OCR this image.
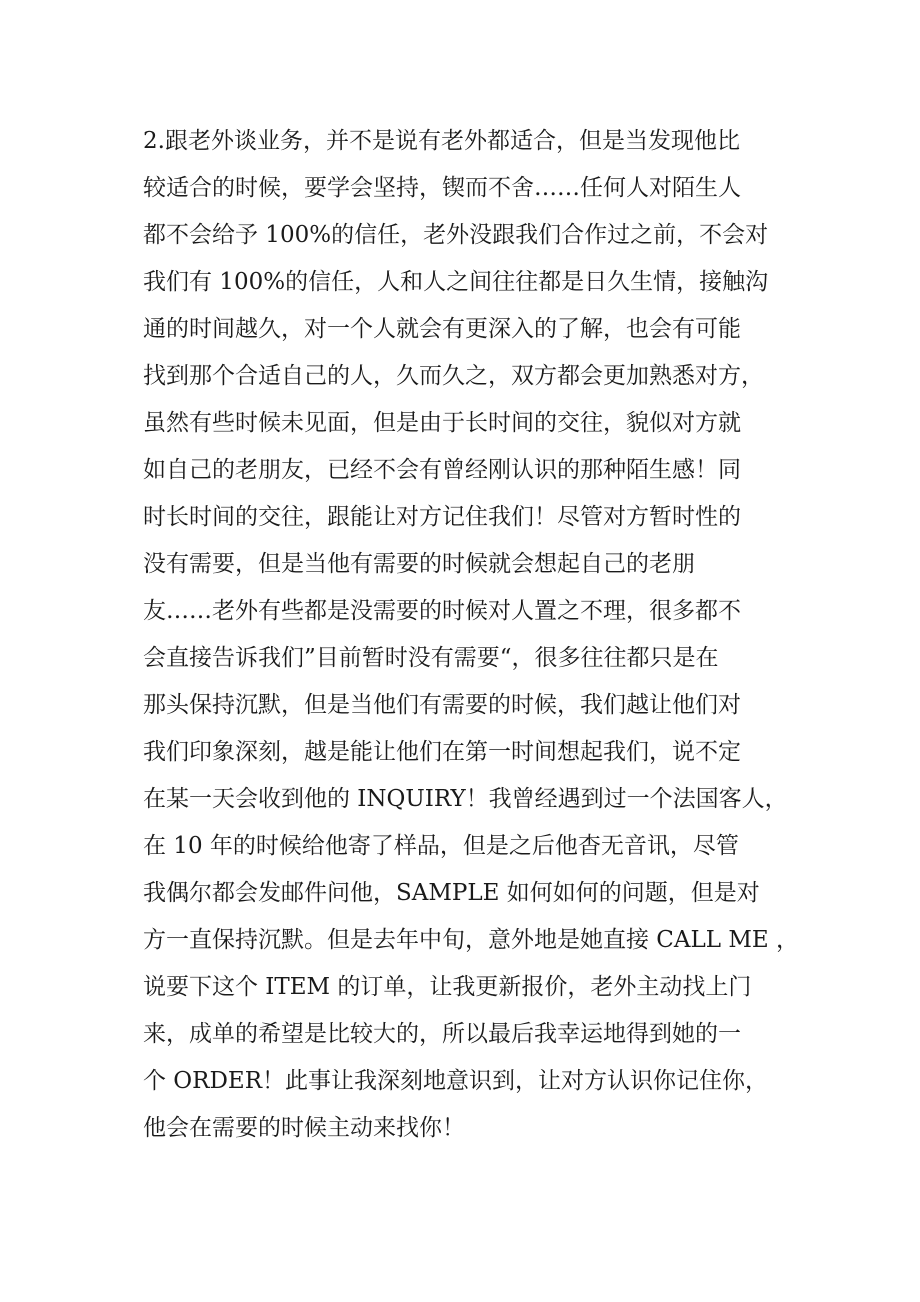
2.跟老外谈业务，并不是说有老外都适合，但是当发现他比
较适合的时候，要学会坚持，锲而不舍……任何人对陌生人
都不会给予 100%的信任，老外没跟我们合作过之前，不会对
我们有 100%的信任，人和人之间往往都是日久生情，接触沟
通的时间越久，对一个人就会有更深入的了解，也会有可能
找到那个合适自己的人，久而久之，双方都会更加熟悉对方，
虽然有些时候未见面，但是由于长时间的交往，貌似对方就
如自己的老朋友，已经不会有曾经刚认识的那种陌生感！同
时长时间的交往，跟能让对方记住我们！尽管对方暂时性的
没有需要，但是当他有需要的时候就会想起自己的老朋
友……老外有些都是没需要的时候对人置之不理，很多都不
会直接告诉我们”目前暂时没有需要“，很多往往都只是在
那头保持沉默，但是当他们有需要的时候，我们越让他们对
我们印象深刻，越是能让他们在第一时间想起我们，说不定
在某一天会收到他的 INQUIRY！我曾经遇到过一个法国客人，
在 10 年的时候给他寄了样品，但是之后他杳无音讯，尽管
我偶尔都会发邮件问他，SAMPLE 如何如何的问题，但是对
方一直保持沉默。但是去年中旬，意外地是她直接 CALL ME ，
说要下这个 ITEM 的订单，让我更新报价，老外主动找上门
来，成单的希望是比较大的，所以最后我幸运地得到她的一
个 ORDER！此事让我深刻地意识到，让对方认识你记住你，
他会在需要的时候主动来找你！
